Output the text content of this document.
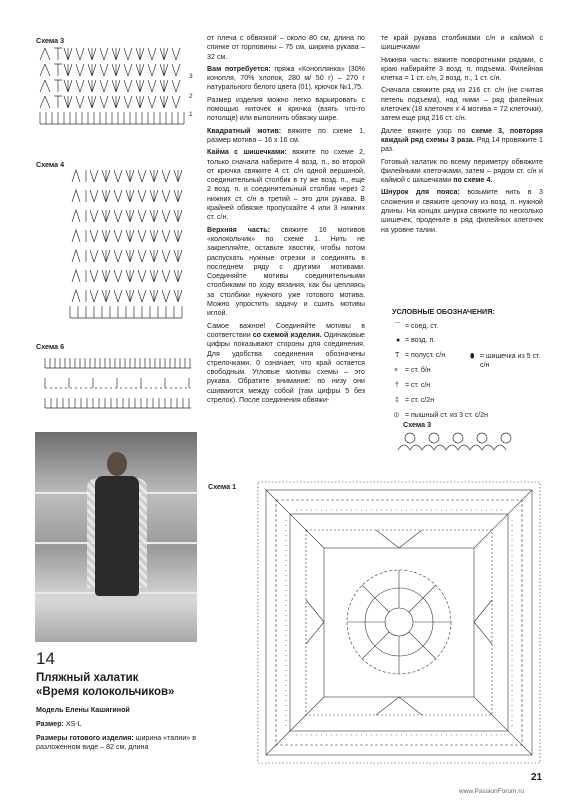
Схема 3
3
2
1
Схема 4
Схема 6
14
Пляжный халатик
«Время колокольчиков»
Модель Елены Кашигиной
Размер: XS-L
Размеры готового изделия: ширина «талии» в разложенном виде – 82 см, длина

от плеча с обвязкой – около 80 см, длина по спинке от горловины – 75 см, ширина рукава – 32 см.

Вам потребуется: пряжа «Коноплянка» (30% конопля, 70% хлопок, 280 м/ 50 г) – 270 г натурального белого цвета (01), крючок №1,75.

Размер изделия можно легко варьировать с помощью ниточек и крючка (взять что-то потолще) или выполнить обвязку шире.

Квадратный мотив: вяжите по схеме 1, размер мотива – 16 х 16 см.

Кайма с шишечками: вяжите по схеме 2, только сначала наберите 4 возд. п., во второй от крючка свяжите 4 ст. с/н одной вершиной, соединительный столбик в ту же возд. п., еще 2 возд. п. и соединительный столбик через 2 нижних ст. с/н в третий – это для рукава. В крайней обвязке пропускайте 4 или 3 нижних ст. с/н.

Верхняя часть: свяжите 16 мотивов «колокольчик» по схеме 1. Нить не закрепляйте, оставьте хвостик, чтобы потом распускать нужные отрезки и соединять в последнем ряду с другими мотивами. Соединяйте мотивы соединительными столбиками по ходу вязания, как бы цепляясь за столбики нужного уже готового мотива. Можно упростить задачу и сшить мотивы иглой.

Самое важное! Соединяйте мотивы в соответствии со схемой изделия. Одинаковые цифры показывают стороны для соединения. Для удобства соединения обозначены стрелочками. 0 означает, что край остается свободным. Угловые мотивы схемы – это рукава. Обратите внимание: по низу они сшиваются между собой (там цифры 5 без стрелок). После соединения обвяжи-

те край рукава столбиками с/н и каймой с шишечками

Нижняя часть: вяжите поворотными рядами, с краю набирайте 3 возд. п. подъема. Филейная клетка = 1 ст. с/н, 2 возд. п., 1 ст. с/н.

Сначала свяжите ряд из 216 ст. с/н (не считая петель подъема), над ними – ряд филейных клеточек (18 клеточек х 4 мотива = 72 клеточки), затем еще ряд 216 ст. с/н.

Далее вяжите узор по схеме 3, повторяя каждый ряд схемы 3 раза. Ряд 14 провяжите 1 раз.

Готовый халатик по всему периметру обвяжите филейными клеточками, затем – рядом ст. с/н и каймой с шишечками по схеме 4.

Шнурок для пояса: возьмите нить в 3 сложения и свяжите цепочку из возд. п. нужной длины. На концах шнурка свяжите по несколько шишечек, проденьте в ряд филейных клеточек на уровне талии.

УСЛОВНЫЕ ОБОЗНАЧЕНИЯ:
⌒ = соед. ст.
● = возд. п.
T = полуст. с/н
× = ст. б/н
† = ст. с/н
‡ = ст. с/2н
⦶ = пышный ст. из 3 ст. с/2н
⬮ = шишечка из 5 ст. с/н
Схема 3
Схема 1
21
www.PassionForum.ru
